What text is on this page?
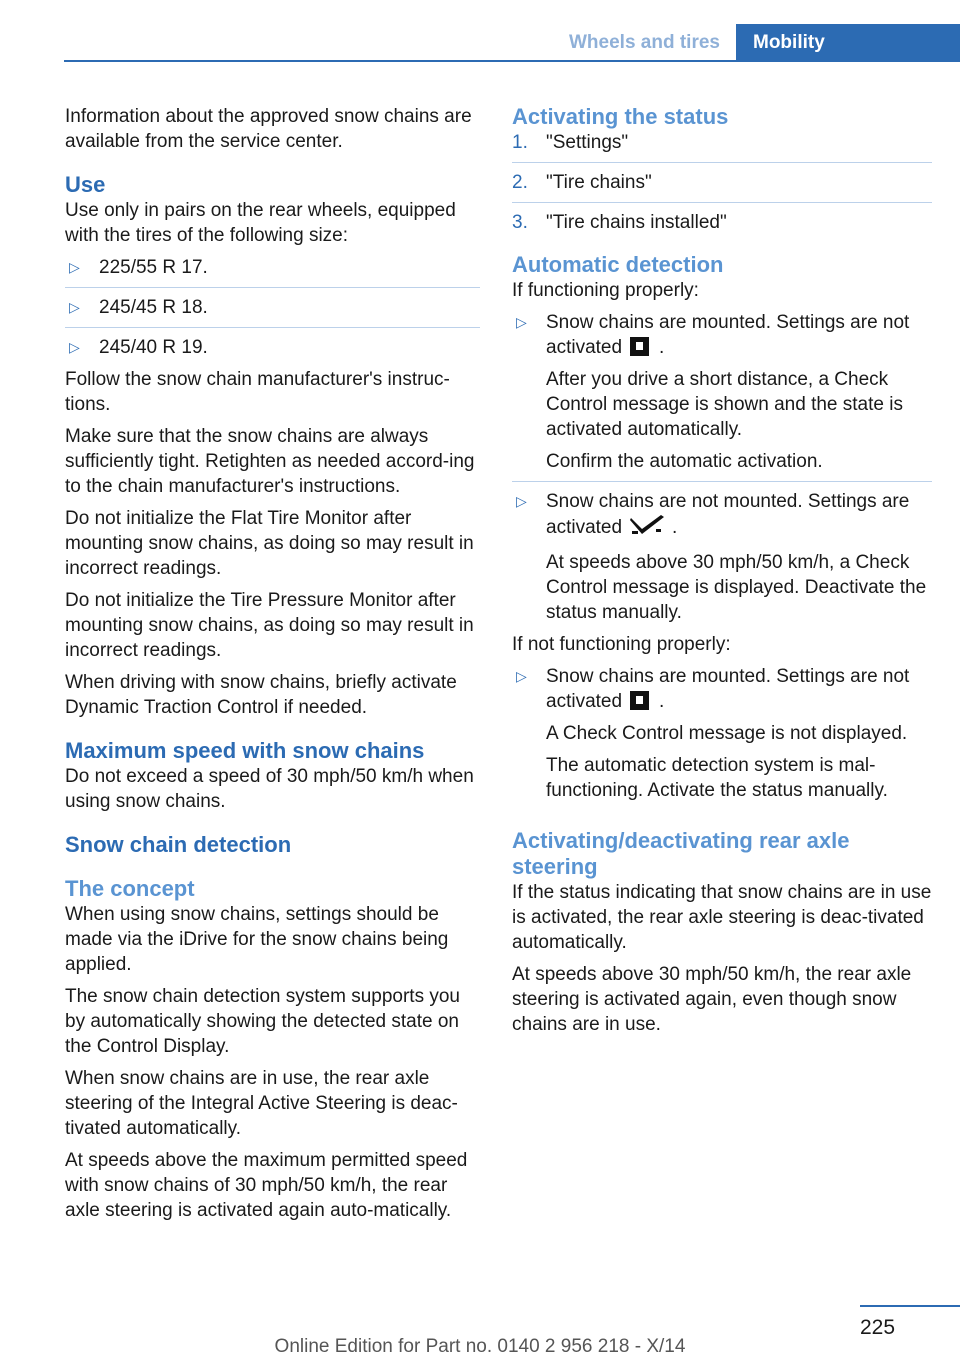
Wheels and tires	Mobility

Information about the approved snow chains are available from the service center.

Use

Use only in pairs on the rear wheels, equipped with the tires of the following size:

▷ 225/55 R 17.
▷ 245/45 R 18.
▷ 245/40 R 19.

Follow the snow chain manufacturer's instruc-tions.

Make sure that the snow chains are always sufficiently tight. Retighten as needed accord-ing to the chain manufacturer's instructions.

Do not initialize the Flat Tire Monitor after mounting snow chains, as doing so may result in incorrect readings.

Do not initialize the Tire Pressure Monitor after mounting snow chains, as doing so may result in incorrect readings.

When driving with snow chains, briefly activate Dynamic Traction Control if needed.

Maximum speed with snow chains

Do not exceed a speed of 30 mph/50 km/h when using snow chains.

Snow chain detection
The concept

When using snow chains, settings should be made via the iDrive for the snow chains being applied.

The snow chain detection system supports you by automatically showing the detected state on the Control Display.

When snow chains are in use, the rear axle steering of the Integral Active Steering is deac-tivated automatically.

At speeds above the maximum permitted speed with snow chains of 30 mph/50 km/h, the rear axle steering is activated again auto-matically.

Activating the status
1. "Settings"
2. "Tire chains"
3. "Tire chains installed"
Automatic detection

If functioning properly:

▷ Snow chains are mounted. Settings are not activated .
After you drive a short distance, a Check Control message is shown and the state is activated automatically.
Confirm the automatic activation.
▷ Snow chains are not mounted. Settings are activated	.
At speeds above 30 mph/50 km/h, a Check Control message is displayed. Deactivate the status manually.

If not functioning properly:

▷ Snow chains are mounted. Settings are not activated .
A Check Control message is not displayed.
The automatic detection system is mal-functioning. Activate the status manually.
Activating/deactivating rear axle steering

If the status indicating that snow chains are in use is activated, the rear axle steering is deac-tivated automatically.

At speeds above 30 mph/50 km/h, the rear axle steering is activated again, even though snow chains are in use.

225
Online Edition for Part no. 0140 2 956 218 - X/14
